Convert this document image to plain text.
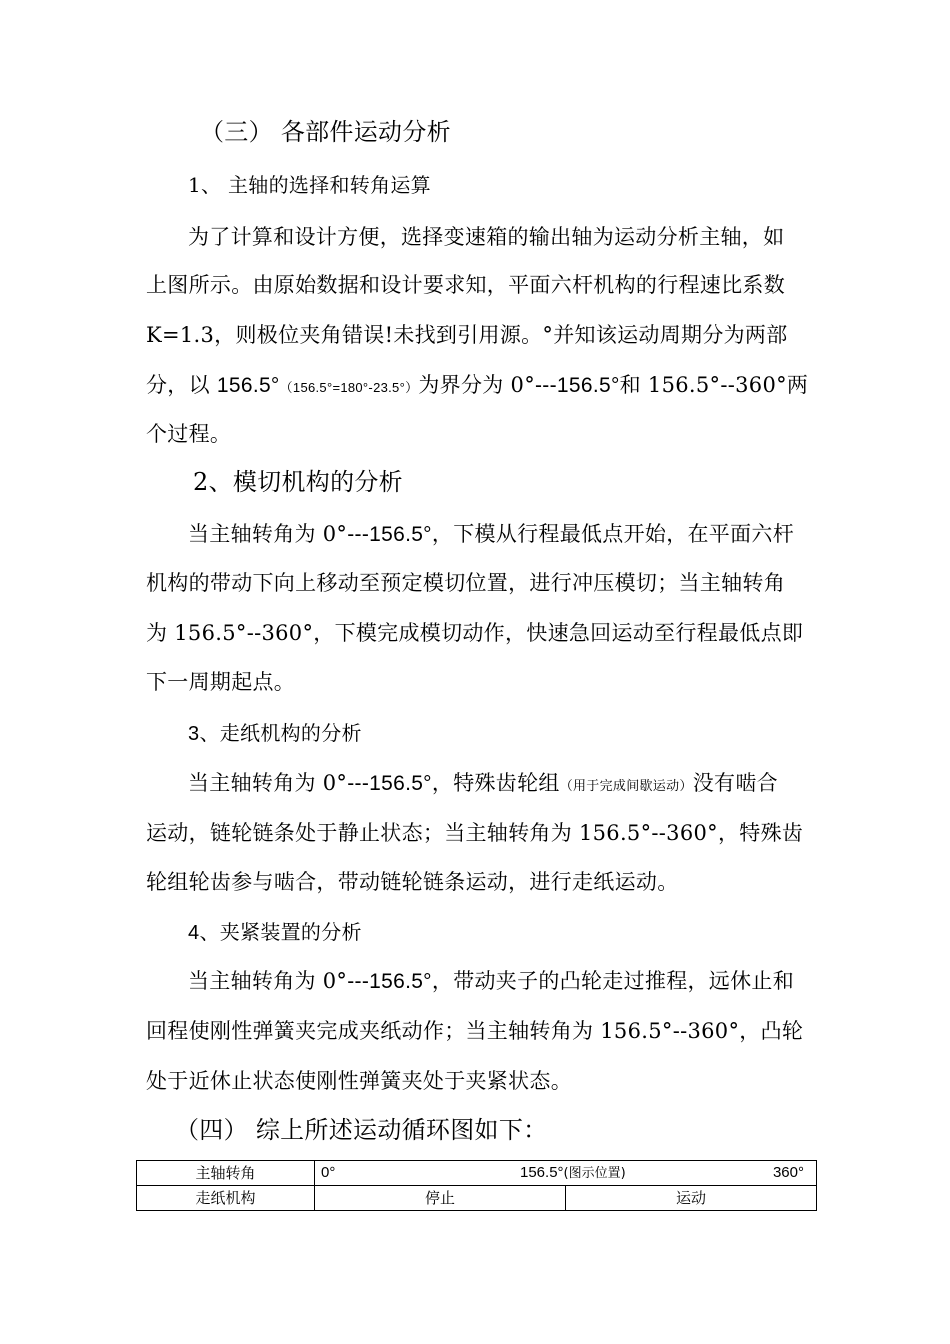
（三） 各部件运动分析
1、 主轴的选择和转角运算
为了计算和设计方便，选择变速箱的输出轴为运动分析主轴，如
上图所示。由原始数据和设计要求知，平面六杆机构的行程速比系数
K=1.3，则极位夹角错误!未找到引用源。°并知该运动周期分为两部
分，以 156.5°（156.5°=180°-23.5°）为界分为 0°---156.5°和 156.5°--360°两
个过程。
2、模切机构的分析
当主轴转角为 0°---156.5°，下模从行程最低点开始，在平面六杆
机构的带动下向上移动至预定模切位置，进行冲压模切；当主轴转角
为 156.5°--360°，下模完成模切动作，快速急回运动至行程最低点即
下一周期起点。
3、走纸机构的分析
当主轴转角为 0°---156.5°，特殊齿轮组（用于完成间歇运动）没有啮合
运动，链轮链条处于静止状态；当主轴转角为 156.5°--360°，特殊齿
轮组轮齿参与啮合，带动链轮链条运动，进行走纸运动。
4、夹紧装置的分析
当主轴转角为 0°---156.5°，带动夹子的凸轮走过推程，远休止和
回程使刚性弹簧夹完成夹纸动作；当主轴转角为 156.5°--360°，凸轮
处于近休止状态使刚性弹簧夹处于夹紧状态。
（四） 综上所述运动循环图如下：
主轴转角	0° 156.5°(图示位置) 360°	

走纸机构	停止	运动
